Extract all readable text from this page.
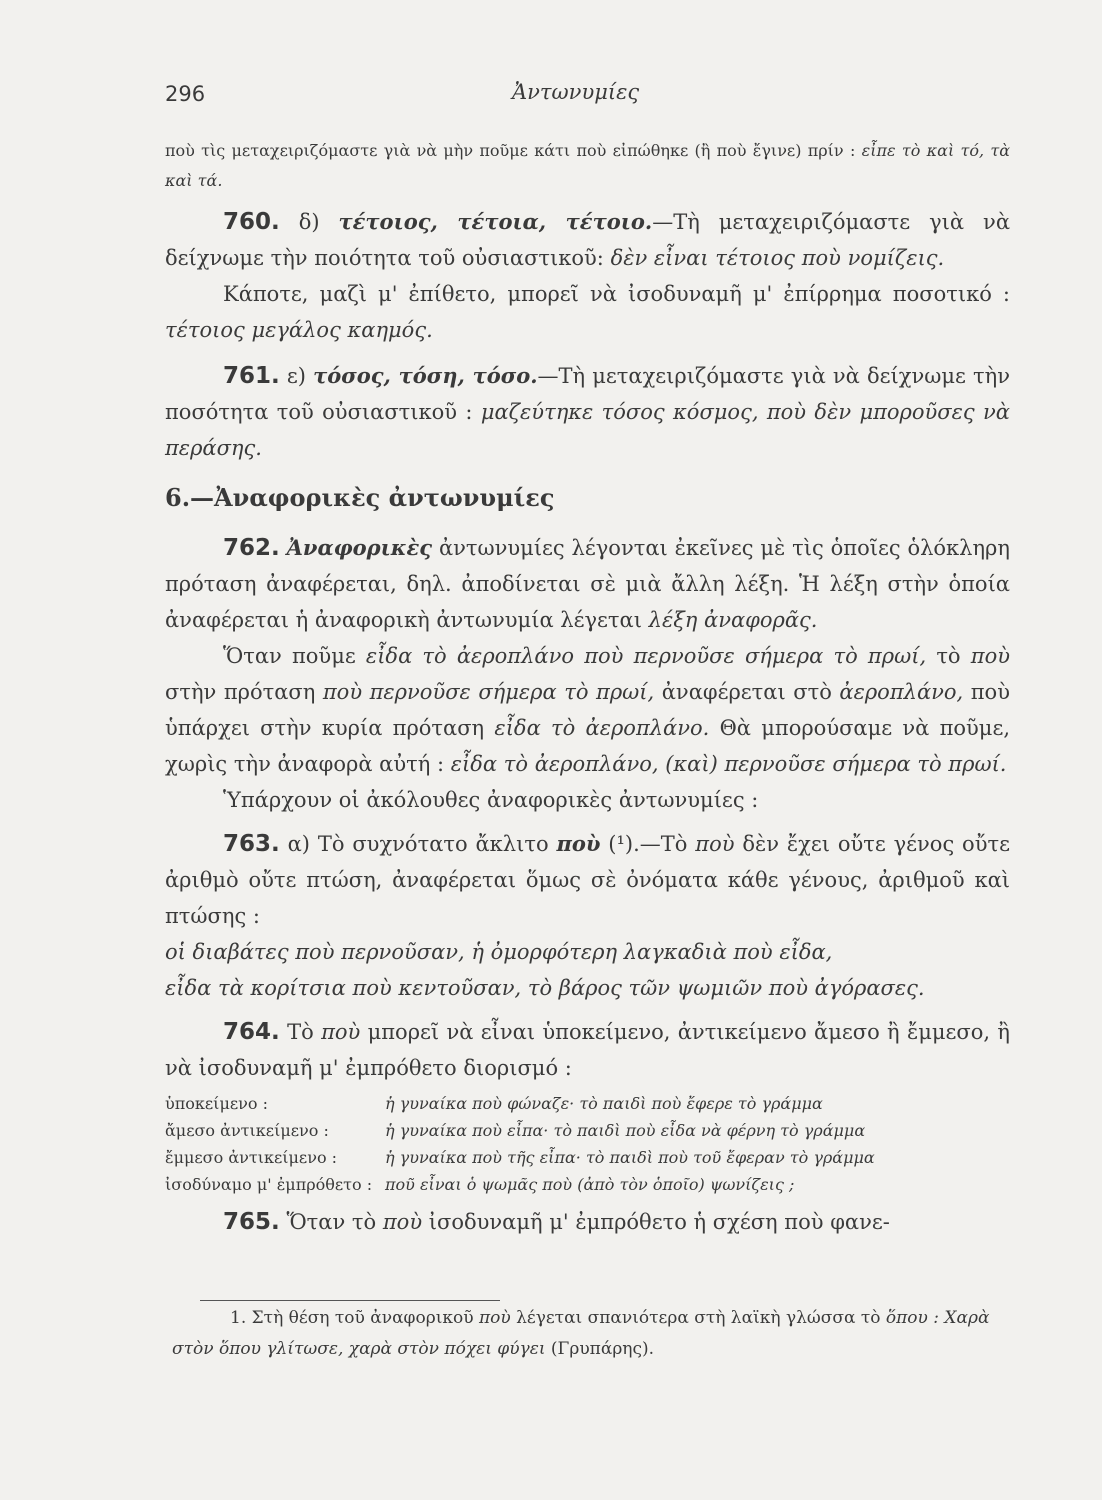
296	Ἀντωνυμίες

ποὺ τὶς μεταχειριζόμαστε γιὰ νὰ μὴν ποῦμε κάτι ποὺ εἰπώθηκε (ἢ ποὺ ἔγινε) πρίν : εἶπε τὸ καὶ τό, τὰ καὶ τά.

760. δ) τέτοιος, τέτοια, τέτοιο.—Τὴ μεταχειριζόμαστε γιὰ νὰ δείχνωμε τὴν ποιότητα τοῦ οὐσιαστικοῦ: δὲν εἶναι τέτοιος ποὺ νομίζεις.

Κάποτε, μαζὶ μ' ἐπίθετο, μπορεῖ νὰ ἰσοδυναμῆ μ' ἐπίρρημα ποσοτικό : τέτοιος μεγάλος καημός.

761. ε) τόσος, τόση, τόσο.—Τὴ μεταχειριζόμαστε γιὰ νὰ δείχνωμε τὴν ποσότητα τοῦ οὐσιαστικοῦ : μαζεύτηκε τόσος κόσμος, ποὺ δὲν μποροῦσες νὰ περάσης.

6.—Ἀναφορικὲς ἀντωνυμίες

762. Ἀναφορικὲς ἀντωνυμίες λέγονται ἐκεῖνες μὲ τὶς ὁποῖες ὁλόκληρη πρόταση ἀναφέρεται, δηλ. ἀποδίνεται σὲ μιὰ ἄλλη λέξη. Ἡ λέξη στὴν ὁποία ἀναφέρεται ἡ ἀναφορικὴ ἀντωνυμία λέγεται λέξη ἀναφορᾶς.

Ὅταν ποῦμε εἶδα τὸ ἀεροπλάνο ποὺ περνοῦσε σήμερα τὸ πρωί, τὸ ποὺ στὴν πρόταση ποὺ περνοῦσε σήμερα τὸ πρωί, ἀναφέρεται στὸ ἀεροπλάνο, ποὺ ὑπάρχει στὴν κυρία πρόταση εἶδα τὸ ἀεροπλάνο. Θὰ μπορούσαμε νὰ ποῦμε, χωρὶς τὴν ἀναφορὰ αὐτή : εἶδα τὸ ἀεροπλάνο, (καὶ) περνοῦσε σήμερα τὸ πρωί.

Ὑπάρχουν οἱ ἀκόλουθες ἀναφορικὲς ἀντωνυμίες :

763. α) Τὸ συχνότατο ἄκλιτο ποὺ (¹).—Τὸ ποὺ δὲν ἔχει οὔτε γένος οὔτε ἀριθμὸ οὔτε πτώση, ἀναφέρεται ὅμως σὲ ὀνόματα κάθε γένους, ἀριθμοῦ καὶ πτώσης :

οἱ διαβάτες ποὺ περνοῦσαν, ἡ ὀμορφότερη λαγκαδιὰ ποὺ εἶδα,

εἶδα τὰ κορίτσια ποὺ κεντοῦσαν, τὸ βάρος τῶν ψωμιῶν ποὺ ἀγόρασες.

764. Τὸ ποὺ μπορεῖ νὰ εἶναι ὑποκείμενο, ἀντικείμενο ἄμεσο ἢ ἔμμεσο, ἢ νὰ ἰσοδυναμῆ μ' ἐμπρόθετο διορισμό :

ὑποκείμενο :	ἡ γυναίκα ποὺ φώναζε· τὸ παιδὶ ποὺ ἔφερε τὸ γράμμα
ἄμεσο ἀντικείμενο :	ἡ γυναίκα ποὺ εἶπα· τὸ παιδὶ ποὺ εἶδα νὰ φέρνη τὸ γράμμα
ἔμμεσο ἀντικείμενο :	ἡ γυναίκα ποὺ τῆς εἶπα· τὸ παιδὶ ποὺ τοῦ ἔφεραν τὸ γράμμα
ἰσοδύναμο μ' ἐμπρόθετο :	ποῦ εἶναι ὁ ψωμᾶς ποὺ (ἀπὸ τὸν ὁποῖο) ψωνίζεις ;

765. Ὅταν τὸ ποὺ ἰσοδυναμῆ μ' ἐμπρόθετο ἡ σχέση ποὺ φανε-

1. Στὴ θέση τοῦ ἀναφορικοῦ ποὺ λέγεται σπανιότερα στὴ λαϊκὴ γλώσσα τὸ ὅπου : Χαρὰ στὸν ὅπου γλίτωσε, χαρὰ στὸν πόχει φύγει (Γρυπάρης).
